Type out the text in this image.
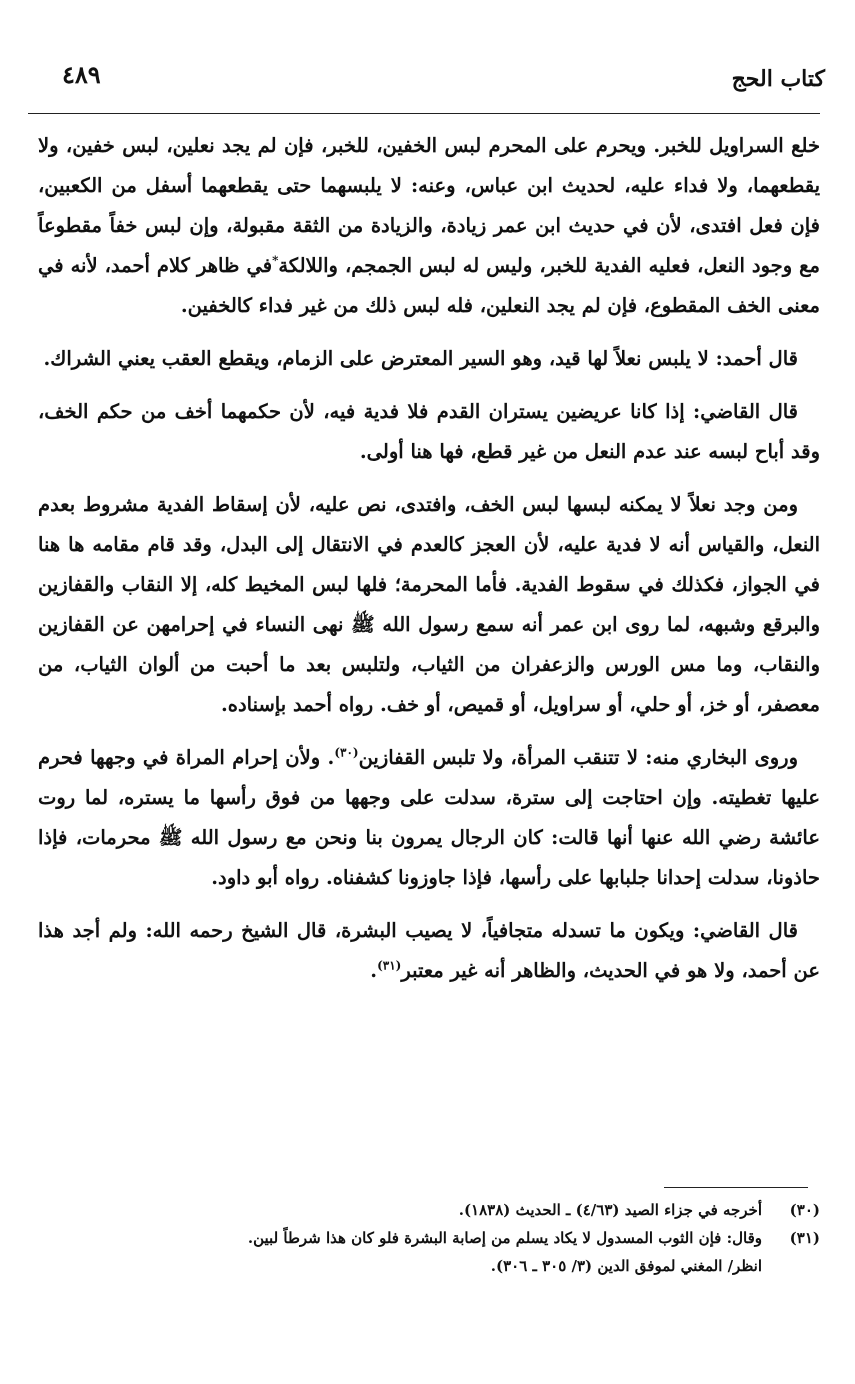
كتاب الحج
٤٨٩

خلع السراويل للخبر. ويحرم على المحرم لبس الخفين، للخبر، فإن لم يجد نعلين، لبس خفين، ولا يقطعهما، ولا فداء عليه، لحديث ابن عباس، وعنه: لا يلبسهما حتى يقطعهما أسفل من الكعبين، فإن فعل افتدى، لأن في حديث ابن عمر زيادة، والزيادة من الثقة مقبولة، وإن لبس خفاً مقطوعاً مع وجود النعل، فعليه الفدية للخبر، وليس له لبس الجمجم، واللالكة*في ظاهر كلام أحمد، لأنه في معنى الخف المقطوع، فإن لم يجد النعلين، فله لبس ذلك من غير فداء كالخفين.

قال أحمد: لا يلبس نعلاً لها قيد، وهو السير المعترض على الزمام، ويقطع العقب يعني الشراك.

قال القاضي: إذا كانا عريضين يستران القدم فلا فدية فيه، لأن حكمهما أخف من حكم الخف، وقد أباح لبسه عند عدم النعل من غير قطع، فها هنا أولى.

ومن وجد نعلاً لا يمكنه لبسها لبس الخف، وافتدى، نص عليه، لأن إسقاط الفدية مشروط بعدم النعل، والقياس أنه لا فدية عليه، لأن العجز كالعدم في الانتقال إلى البدل، وقد قام مقامه ها هنا في الجواز، فكذلك في سقوط الفدية. فأما المحرمة؛ فلها لبس المخيط كله، إلا النقاب والقفازين والبرقع وشبهه، لما روى ابن عمر أنه سمع رسول الله ﷺ نهى النساء في إحرامهن عن القفازين والنقاب، وما مس الورس والزعفران من الثياب، ولتلبس بعد ما أحبت من ألوان الثياب، من معصفر، أو خز، أو حلي، أو سراويل، أو قميص، أو خف. رواه أحمد بإسناده.

وروى البخاري منه: لا تتنقب المرأة، ولا تلبس القفازين$^{(٣٠)}$. ولأن إحرام المراة في وجهها فحرم عليها تغطيته. وإن احتاجت إلى سترة، سدلت على وجهها من فوق رأسها ما يستره، لما روت عائشة رضي الله عنها أنها قالت: كان الرجال يمرون بنا ونحن مع رسول الله ﷺ محرمات، فإذا حاذونا، سدلت إحدانا جلبابها على رأسها، فإذا جاوزونا كشفناه. رواه أبو داود.

قال القاضي: ويكون ما تسدله متجافياً، لا يصيب البشرة، قال الشيخ رحمه الله: ولم أجد هذا عن أحمد، ولا هو في الحديث، والظاهر أنه غير معتبر$^{(٣١)}$.

(٣٠)
أخرجه في جزاء الصيد (٤/٦٣) ـ الحديث (١٨٣٨).
(٣١)
وقال: فإن الثوب المسدول لا يكاد يسلم من إصابة البشرة فلو كان هذا شرطاً لبين.
انظر/ المغني لموفق الدين (٣/ ٣٠٥ ـ ٣٠٦).
